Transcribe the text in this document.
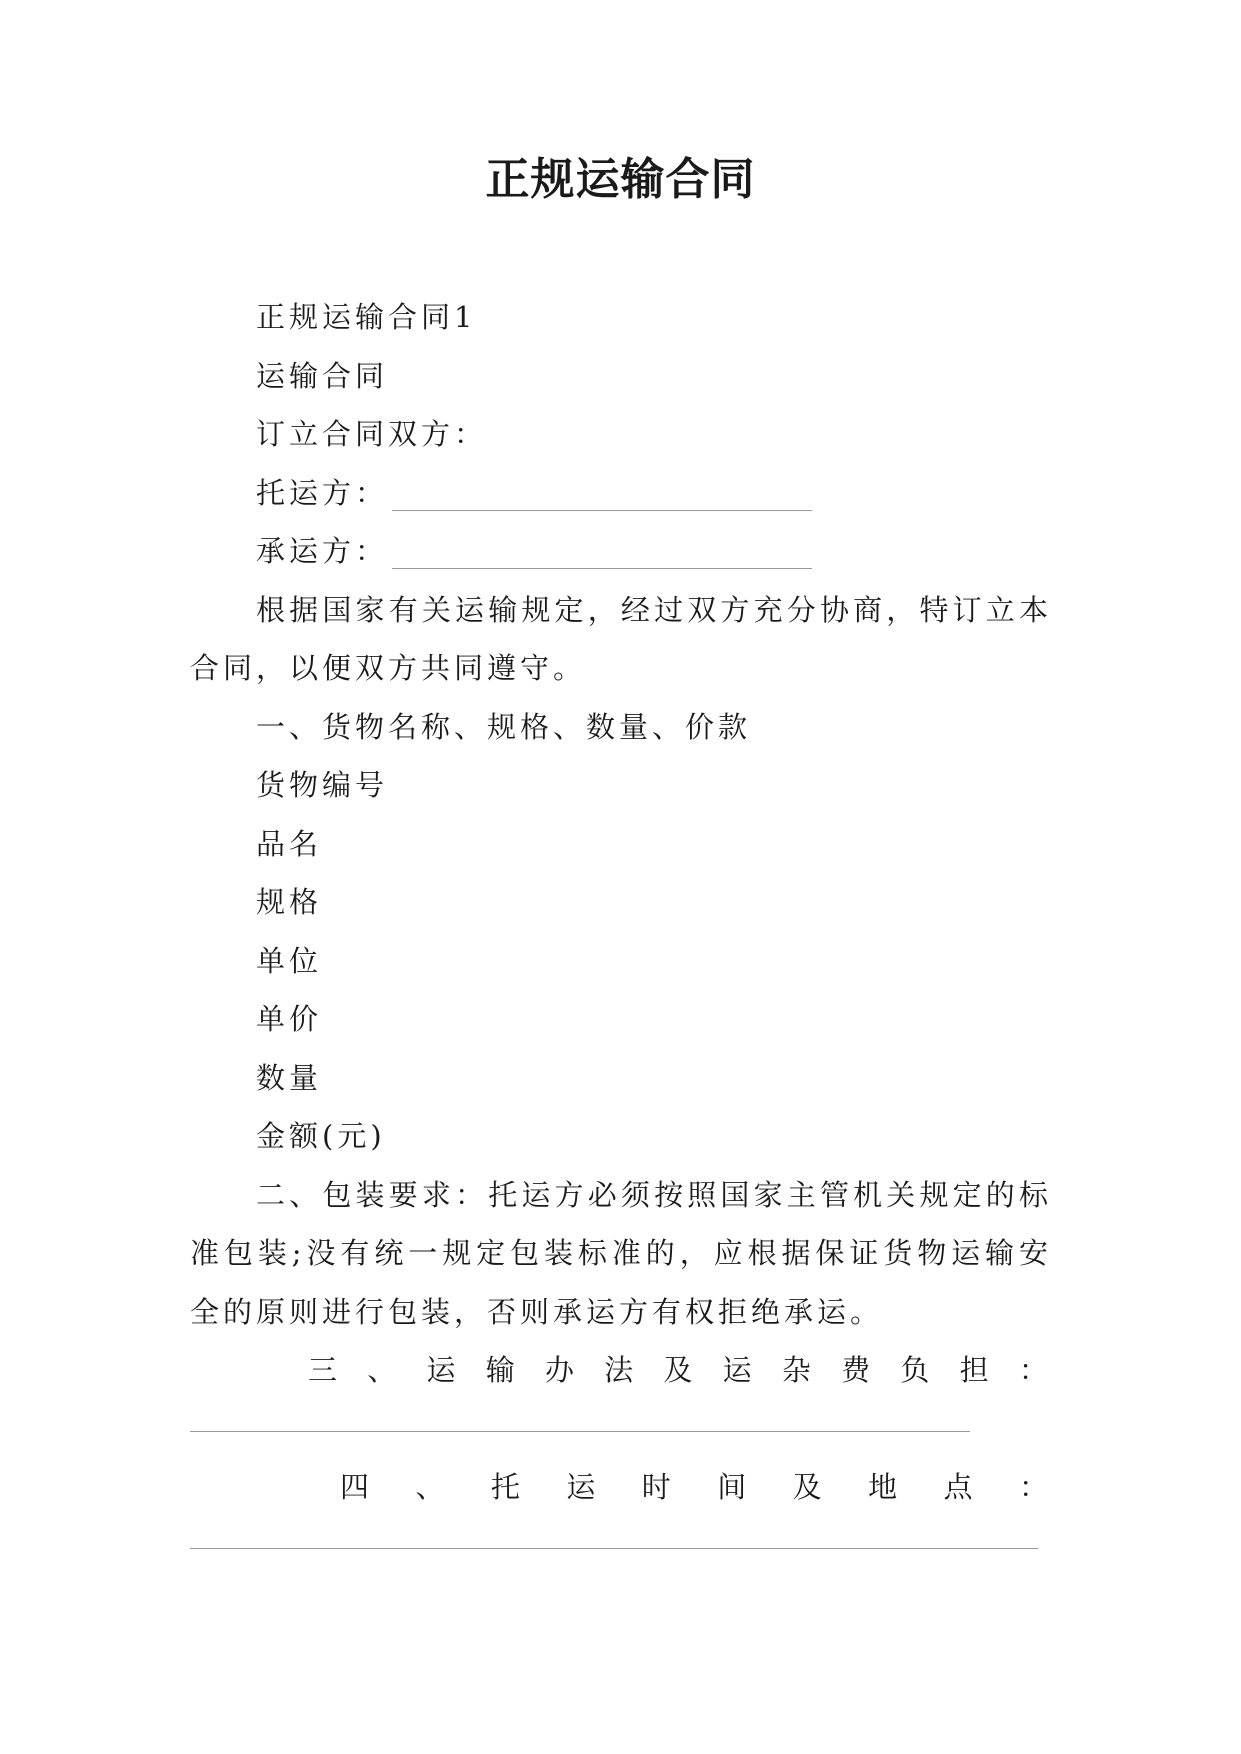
正规运输合同

正规运输合同1

运输合同

订立合同双方：

托运方：

承运方：

根据国家有关运输规定，经过双方充分协商，特订立本合同，以便双方共同遵守。

一、货物名称、规格、数量、价款

货物编号

品名

规格

单位

单价

数量

金额(元)

二、包装要求：托运方必须按照国家主管机关规定的标准包装;没有统一规定包装标准的，应根据保证货物运输安全的原则进行包装，否则承运方有权拒绝承运。

三 、 运 输 办 法 及 运 杂 费 负 担 ：

四 、 托 运 时 间 及 地 点 ：
